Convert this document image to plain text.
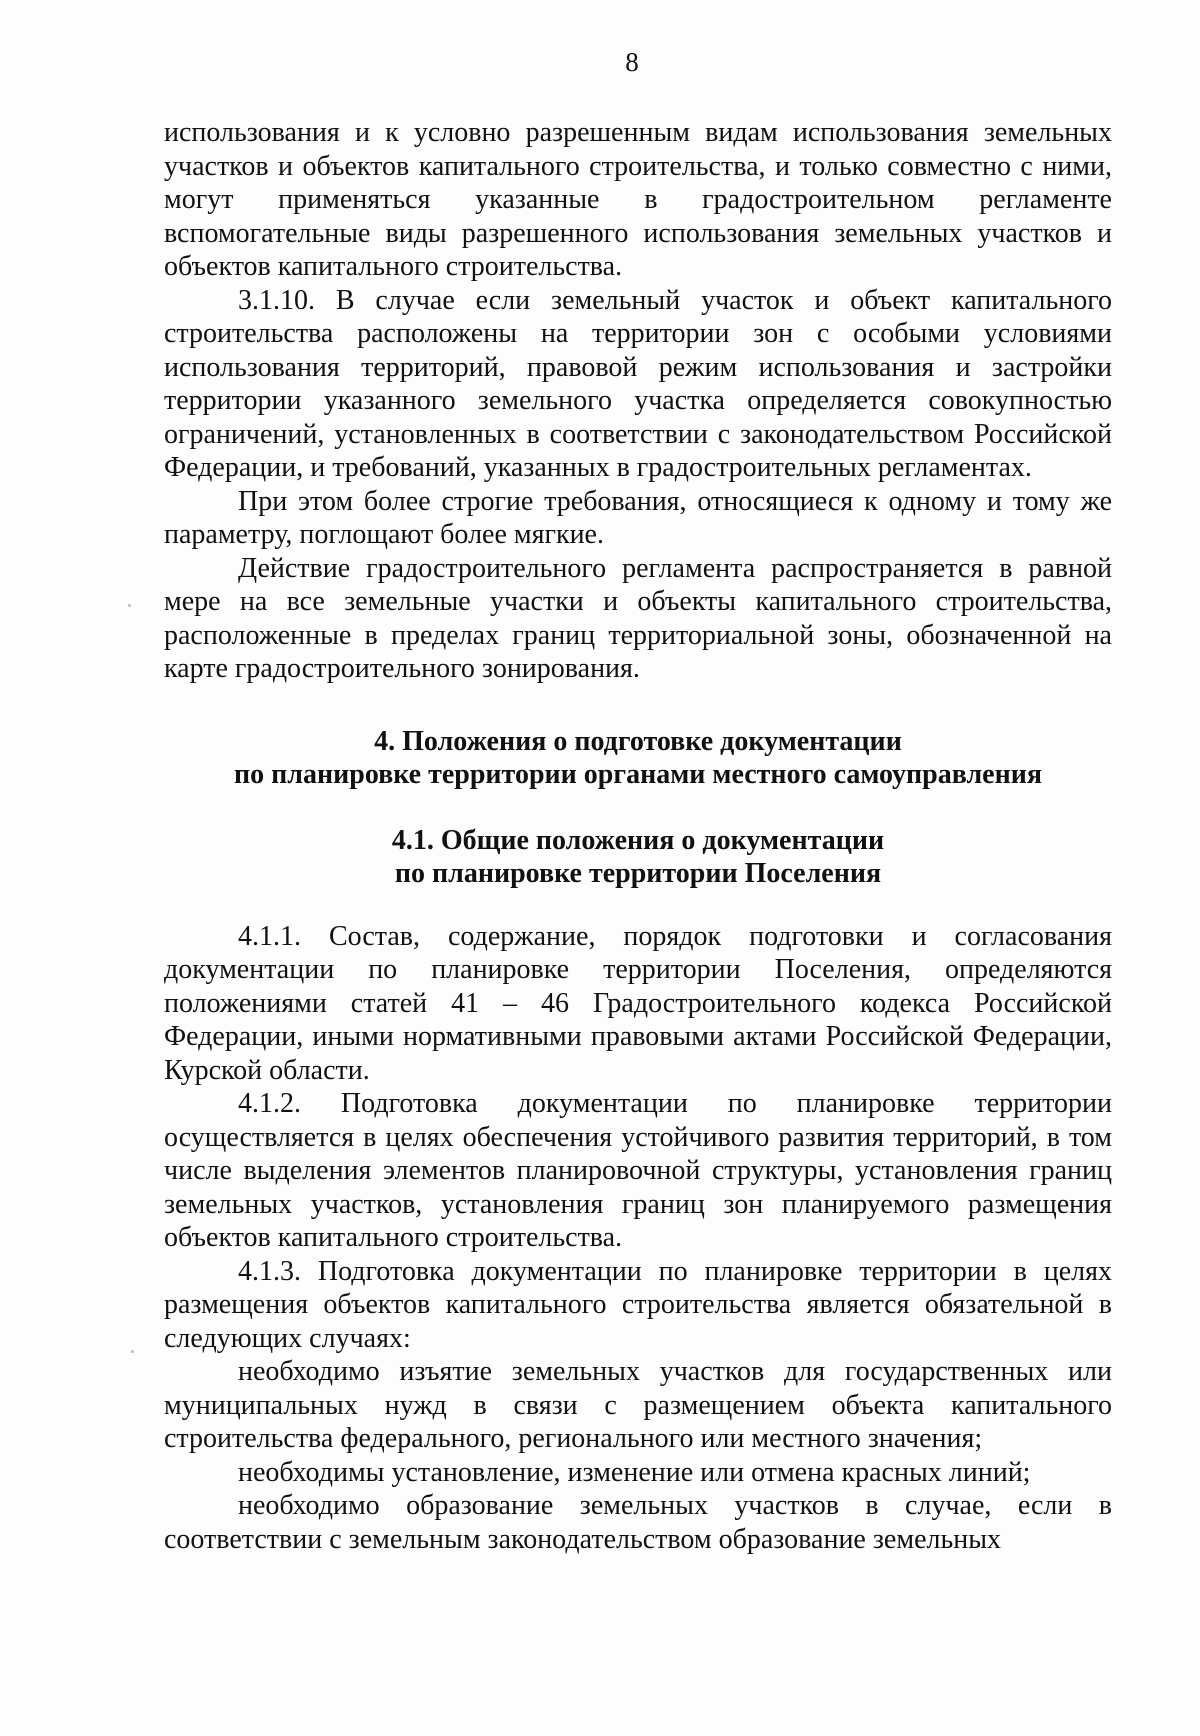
8

использования и к условно разрешенным видам использования земельных участков и объектов капитального строительства, и только совместно с ними, могут применяться указанные в градостроительном регламенте вспомогательные виды разрешенного использования земельных участков и объектов капитального строительства.

3.1.10. В случае если земельный участок и объект капитального строительства расположены на территории зон с особыми условиями использования территорий, правовой режим использования и застройки территории указанного земельного участка определяется совокупностью ограничений, установленных в соответствии с законодательством Российской Федерации, и требований, указанных в градостроительных регламентах.

При этом более строгие требования, относящиеся к одному и тому же параметру, поглощают более мягкие.

Действие градостроительного регламента распространяется в равной мере на все земельные участки и объекты капитального строительства, расположенные в пределах границ территориальной зоны, обозначенной на карте градостроительного зонирования.

4. Положения о подготовке документации
по планировке территории органами местного самоуправления
4.1. Общие положения о документации
по планировке территории Поселения

4.1.1. Состав, содержание, порядок подготовки и согласования документации по планировке территории Поселения, определяются положениями статей 41 – 46 Градостроительного кодекса Российской Федерации, иными нормативными правовыми актами Российской Федерации, Курской области.

4.1.2. Подготовка документации по планировке территории осуществляется в целях обеспечения устойчивого развития территорий, в том числе выделения элементов планировочной структуры, установления границ земельных участков, установления границ зон планируемого размещения объектов капитального строительства.

4.1.3. Подготовка документации по планировке территории в целях размещения объектов капитального строительства является обязательной в следующих случаях:

необходимо изъятие земельных участков для государственных или муниципальных нужд в связи с размещением объекта капитального строительства федерального, регионального или местного значения;

необходимы установление, изменение или отмена красных линий;

необходимо образование земельных участков в случае, если в соответствии с земельным законодательством образование земельных
